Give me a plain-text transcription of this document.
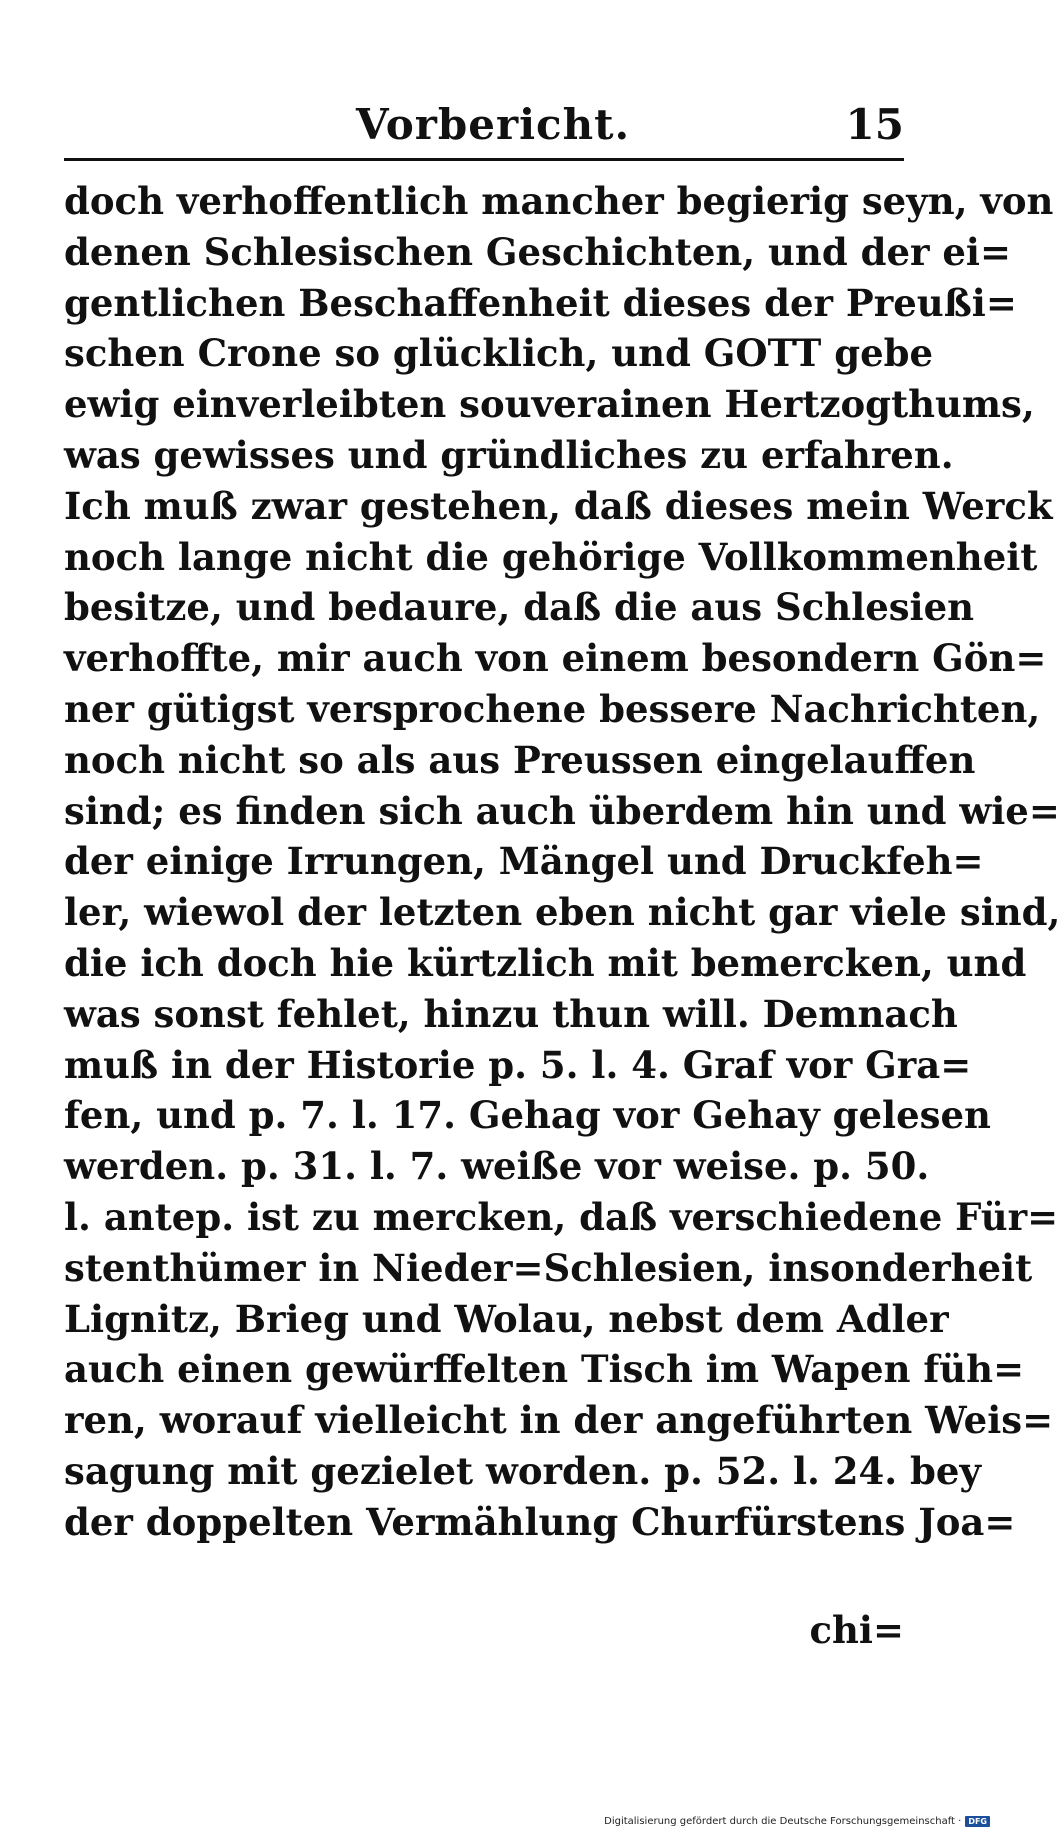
Vorbericht.	15
doch verhoffentlich mancher begierig seyn, von
denen Schlesischen Geschichten, und der ei=
gentlichen Beschaffenheit dieses der Preußi=
schen Crone so glücklich, und GOTT gebe
ewig einverleibten souverainen Hertzogthums,
was gewisses und gründliches zu erfahren.
Ich muß zwar gestehen, daß dieses mein Werck
noch lange nicht die gehörige Vollkommenheit
besitze, und bedaure, daß die aus Schlesien
verhoffte, mir auch von einem besondern Gön=
ner gütigst versprochene bessere Nachrichten,
noch nicht so als aus Preussen eingelauffen
sind; es finden sich auch überdem hin und wie=
der einige Irrungen, Mängel und Druckfeh=
ler, wiewol der letzten eben nicht gar viele sind,
die ich doch hie kürtzlich mit bemercken, und
was sonst fehlet, hinzu thun will. Demnach
muß in der Historie p. 5. l. 4. Graf vor Gra=
fen, und p. 7. l. 17. Gehag vor Gehay gelesen
werden. p. 31. l. 7. weiße vor weise. p. 50.
l. antep. ist zu mercken, daß verschiedene Für=
stenthümer in Nieder=Schlesien, insonderheit
Lignitz, Brieg und Wolau, nebst dem Adler
auch einen gewürffelten Tisch im Wapen füh=
ren, worauf vielleicht in der angeführten Weis=
sagung mit gezielet worden. p. 52. l. 24. bey
der doppelten Vermählung Churfürstens Joa=
chi=
Digitalisierung gefördert durch die Deutsche Forschungsgemeinschaft · DFG
